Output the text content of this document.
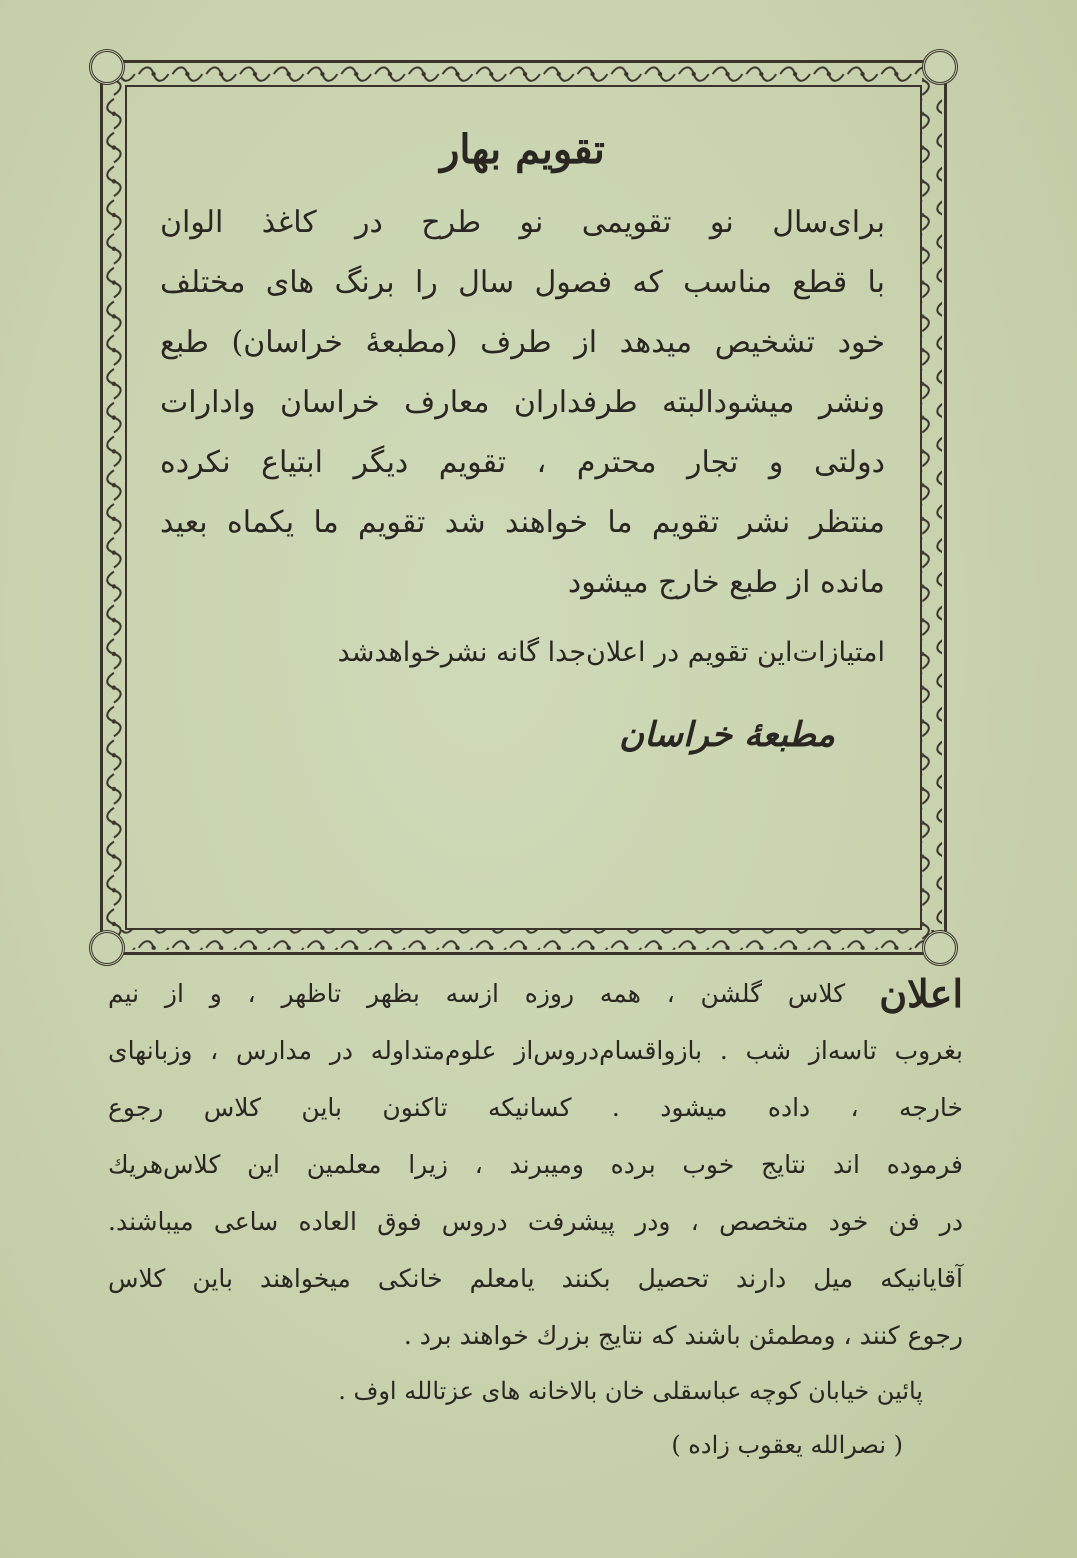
تقویم بهار
برای‌سال نو تقویمی نو طرح در کاغذ الوان
با قطع مناسب که فصول سال را برنگ های مختلف
خود تشخیص میدهد از طرف (مطبعهٔ خراسان) طبع
ونشر میشودالبته طرفداران معارف خراسان وادارات
دولتی و تجار محترم ، تقویم دیگر ابتیاع نکرده
منتظر نشر تقویم ما خواهند شد تقویم ما یکماه بعید
مانده از طبع خارج میشود
امتیازات‌این تقویم در اعلان‌جدا گانه نشرخواهدشد
مطبعهٔ خراسان
اعلان
کلاس گلشن ، همه روزه ازسه بظهر تاظهر ، و از نیم
بغروب تاسه‌از شب . بازواقسام‌دروس‌از علوم‌متداوله در مدارس ، وزبانهای
خارجه ، داده میشود . کسانیکه تاکنون باین کلاس رجوع
فرموده اند نتایج خوب برده ومیبرند ، زیرا معلمین این کلاس‌هریك
در فن خود متخصص ، ودر پیشرفت دروس فوق العاده ساعی میباشند.
آقایانیکه میل دارند تحصیل بکنند یامعلم خانکی میخواهند باین کلاس
رجوع کنند ، ومطمئن باشند که نتایج بزرك خواهند برد .
پائین خیابان کوچه عباسقلی خان بالاخانه های عزتالله اوف .
( نصرالله یعقوب زاده )
